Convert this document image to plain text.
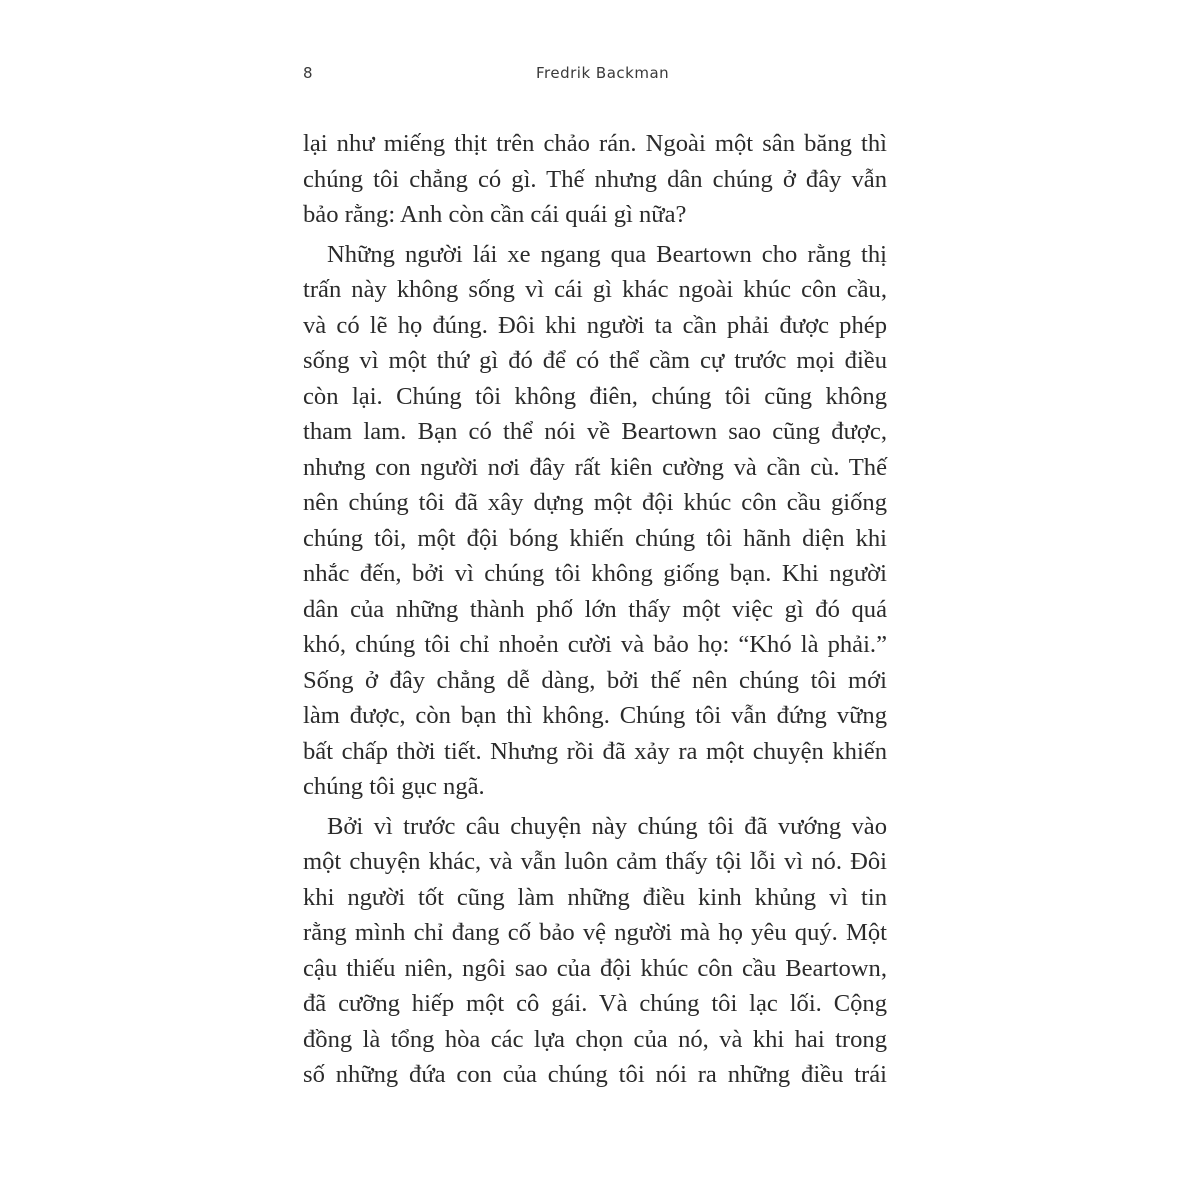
8	Fredrik Backman

lại như miếng thịt trên chảo rán. Ngoài một sân băng thì
chúng tôi chẳng có gì. Thế nhưng dân chúng ở đây vẫn
bảo rằng: Anh còn cần cái quái gì nữa?

Những người lái xe ngang qua Beartown cho rằng thị
trấn này không sống vì cái gì khác ngoài khúc côn cầu,
và có lẽ họ đúng. Đôi khi người ta cần phải được phép
sống vì một thứ gì đó để có thể cầm cự trước mọi điều
còn lại. Chúng tôi không điên, chúng tôi cũng không
tham lam. Bạn có thể nói về Beartown sao cũng được,
nhưng con người nơi đây rất kiên cường và cần cù. Thế
nên chúng tôi đã xây dựng một đội khúc côn cầu giống
chúng tôi, một đội bóng khiến chúng tôi hãnh diện khi
nhắc đến, bởi vì chúng tôi không giống bạn. Khi người
dân của những thành phố lớn thấy một việc gì đó quá
khó, chúng tôi chỉ nhoẻn cười và bảo họ: “Khó là phải.”
Sống ở đây chẳng dễ dàng, bởi thế nên chúng tôi mới
làm được, còn bạn thì không. Chúng tôi vẫn đứng vững
bất chấp thời tiết. Nhưng rồi đã xảy ra một chuyện khiến
chúng tôi gục ngã.

Bởi vì trước câu chuyện này chúng tôi đã vướng vào
một chuyện khác, và vẫn luôn cảm thấy tội lỗi vì nó. Đôi
khi người tốt cũng làm những điều kinh khủng vì tin
rằng mình chỉ đang cố bảo vệ người mà họ yêu quý. Một
cậu thiếu niên, ngôi sao của đội khúc côn cầu Beartown,
đã cưỡng hiếp một cô gái. Và chúng tôi lạc lối. Cộng
đồng là tổng hòa các lựa chọn của nó, và khi hai trong
số những đứa con của chúng tôi nói ra những điều trái
